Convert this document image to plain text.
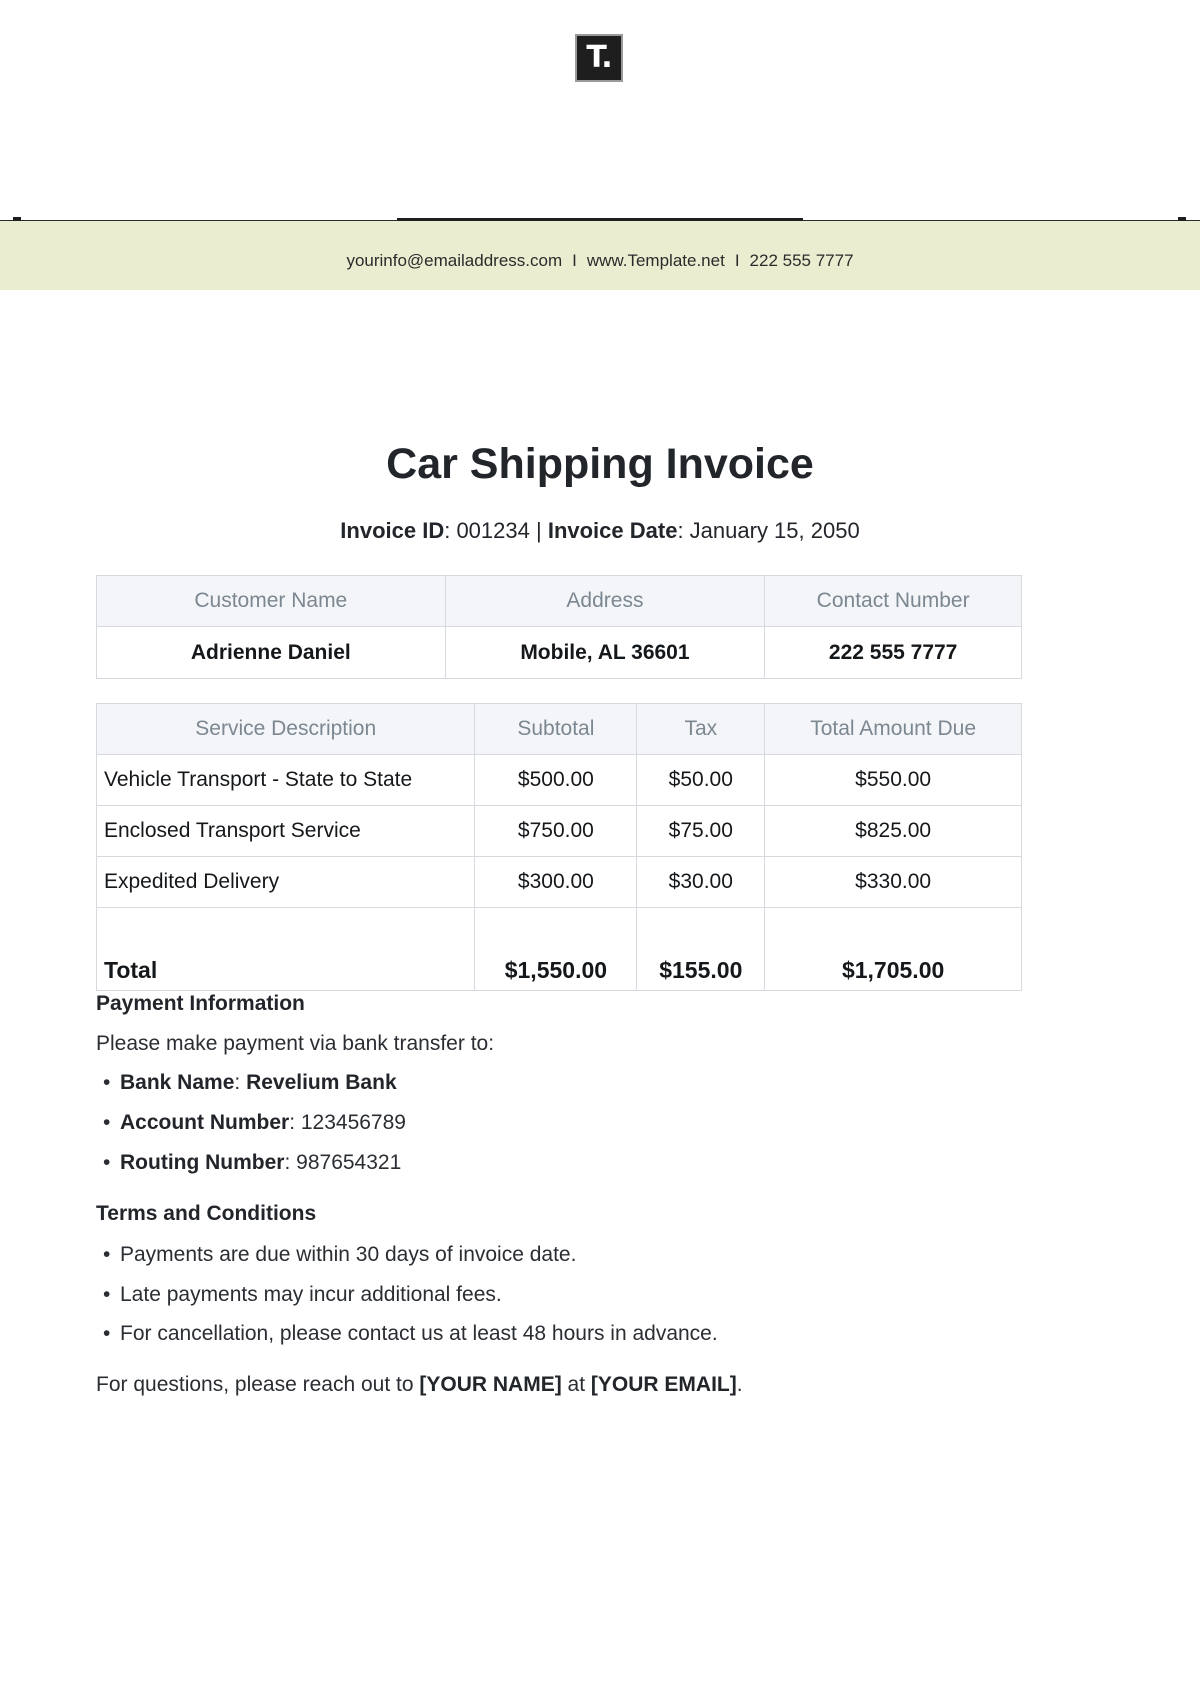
T.
yourinfo@emailaddress.com I www.Template.net I 222 555 7777
Car Shipping Invoice
Invoice ID: 001234 | Invoice Date: January 15, 2050
Customer Name	Address	Contact Number
Adrienne Daniel	Mobile, AL 36601	222 555 7777
Service Description	Subtotal	Tax	Total Amount Due
Vehicle Transport - State to State	$500.00	$50.00	$550.00
Enclosed Transport Service	$750.00	$75.00	$825.00
Expedited Delivery	$300.00	$30.00	$330.00
Total	$1,550.00	$155.00	$1,705.00
Payment Information
Please make payment via bank transfer to:
• Bank Name: Revelium Bank
• Account Number: 123456789
• Routing Number: 987654321
Terms and Conditions
• Payments are due within 30 days of invoice date.
• Late payments may incur additional fees.
• For cancellation, please contact us at least 48 hours in advance.
For questions, please reach out to [YOUR NAME] at [YOUR EMAIL].
